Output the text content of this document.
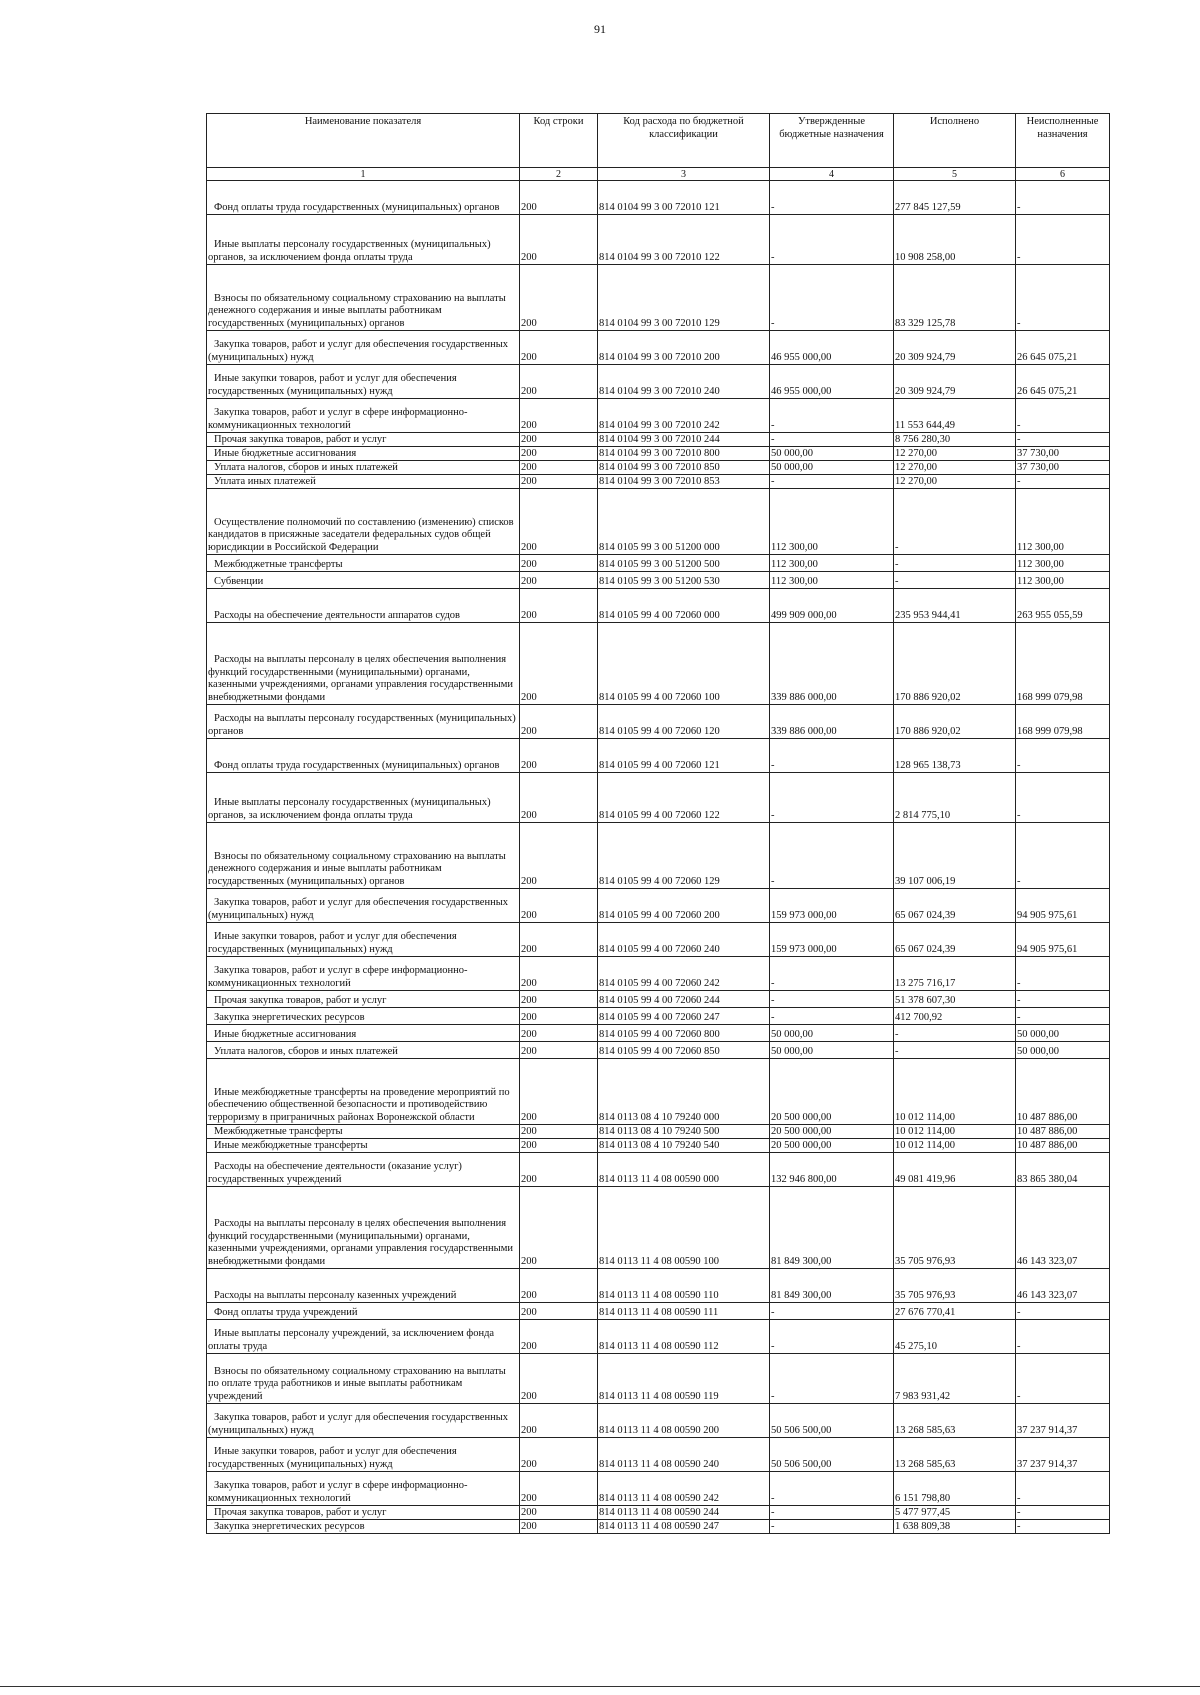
91
Наименование показателя	Код строки	Код расхода по бюджетной классификации	Утвержденные бюджетные назначения	Исполнено	Неисполненные назначения
1	2	3	4	5	6
Фонд оплаты труда государственных (муниципальных) органов	200	814 0104 99 3 00 72010 121	-	277 845 127,59	-
Иные выплаты персоналу государственных (муниципальных) органов, за исключением фонда оплаты труда	200	814 0104 99 3 00 72010 122	-	10 908 258,00	-
Взносы по обязательному социальному страхованию на выплаты денежного содержания и иные выплаты работникам государственных (муниципальных) органов	200	814 0104 99 3 00 72010 129	-	83 329 125,78	-
Закупка товаров, работ и услуг для обеспечения государственных (муниципальных) нужд	200	814 0104 99 3 00 72010 200	46 955 000,00	20 309 924,79	26 645 075,21
Иные закупки товаров, работ и услуг для обеспечения государственных (муниципальных) нужд	200	814 0104 99 3 00 72010 240	46 955 000,00	20 309 924,79	26 645 075,21
Закупка товаров, работ и услуг в сфере информационно-коммуникационных технологий	200	814 0104 99 3 00 72010 242	-	11 553 644,49	-
Прочая закупка товаров, работ и услуг	200	814 0104 99 3 00 72010 244	-	8 756 280,30	-
Иные бюджетные ассигнования	200	814 0104 99 3 00 72010 800	50 000,00	12 270,00	37 730,00
Уплата налогов, сборов и иных платежей	200	814 0104 99 3 00 72010 850	50 000,00	12 270,00	37 730,00
Уплата иных платежей	200	814 0104 99 3 00 72010 853	-	12 270,00	-
Осуществление полномочий по составлению (изменению) списков кандидатов в присяжные заседатели федеральных судов общей юрисдикции в Российской Федерации	200	814 0105 99 3 00 51200 000	112 300,00	-	112 300,00
Межбюджетные трансферты	200	814 0105 99 3 00 51200 500	112 300,00	-	112 300,00
Субвенции	200	814 0105 99 3 00 51200 530	112 300,00	-	112 300,00
Расходы на обеспечение деятельности аппаратов судов	200	814 0105 99 4 00 72060 000	499 909 000,00	235 953 944,41	263 955 055,59
Расходы на выплаты персоналу в целях обеспечения выполнения функций государственными (муниципальными) органами, казенными учреждениями, органами управления государственными внебюджетными фондами	200	814 0105 99 4 00 72060 100	339 886 000,00	170 886 920,02	168 999 079,98
Расходы на выплаты персоналу государственных (муниципальных) органов	200	814 0105 99 4 00 72060 120	339 886 000,00	170 886 920,02	168 999 079,98
Фонд оплаты труда государственных (муниципальных) органов	200	814 0105 99 4 00 72060 121	-	128 965 138,73	-
Иные выплаты персоналу государственных (муниципальных) органов, за исключением фонда оплаты труда	200	814 0105 99 4 00 72060 122	-	2 814 775,10	-
Взносы по обязательному социальному страхованию на выплаты денежного содержания и иные выплаты работникам государственных (муниципальных) органов	200	814 0105 99 4 00 72060 129	-	39 107 006,19	-
Закупка товаров, работ и услуг для обеспечения государственных (муниципальных) нужд	200	814 0105 99 4 00 72060 200	159 973 000,00	65 067 024,39	94 905 975,61
Иные закупки товаров, работ и услуг для обеспечения государственных (муниципальных) нужд	200	814 0105 99 4 00 72060 240	159 973 000,00	65 067 024,39	94 905 975,61
Закупка товаров, работ и услуг в сфере информационно-коммуникационных технологий	200	814 0105 99 4 00 72060 242	-	13 275 716,17	-
Прочая закупка товаров, работ и услуг	200	814 0105 99 4 00 72060 244	-	51 378 607,30	-
Закупка энергетических ресурсов	200	814 0105 99 4 00 72060 247	-	412 700,92	-
Иные бюджетные ассигнования	200	814 0105 99 4 00 72060 800	50 000,00	-	50 000,00
Уплата налогов, сборов и иных платежей	200	814 0105 99 4 00 72060 850	50 000,00	-	50 000,00
Иные межбюджетные трансферты на проведение мероприятий по обеспечению общественной безопасности и противодействию терроризму в приграничных районах Воронежской области	200	814 0113 08 4 10 79240 000	20 500 000,00	10 012 114,00	10 487 886,00
Межбюджетные трансферты	200	814 0113 08 4 10 79240 500	20 500 000,00	10 012 114,00	10 487 886,00
Иные межбюджетные трансферты	200	814 0113 08 4 10 79240 540	20 500 000,00	10 012 114,00	10 487 886,00
Расходы на обеспечение деятельности (оказание услуг) государственных учреждений	200	814 0113 11 4 08 00590 000	132 946 800,00	49 081 419,96	83 865 380,04
Расходы на выплаты персоналу в целях обеспечения выполнения функций государственными (муниципальными) органами, казенными учреждениями, органами управления государственными внебюджетными фондами	200	814 0113 11 4 08 00590 100	81 849 300,00	35 705 976,93	46 143 323,07
Расходы на выплаты персоналу казенных учреждений	200	814 0113 11 4 08 00590 110	81 849 300,00	35 705 976,93	46 143 323,07
Фонд оплаты труда учреждений	200	814 0113 11 4 08 00590 111	-	27 676 770,41	-
Иные выплаты персоналу учреждений, за исключением фонда оплаты труда	200	814 0113 11 4 08 00590 112	-	45 275,10	-
Взносы по обязательному социальному страхованию на выплаты по оплате труда работников и иные выплаты работникам учреждений	200	814 0113 11 4 08 00590 119	-	7 983 931,42	-
Закупка товаров, работ и услуг для обеспечения государственных (муниципальных) нужд	200	814 0113 11 4 08 00590 200	50 506 500,00	13 268 585,63	37 237 914,37
Иные закупки товаров, работ и услуг для обеспечения государственных (муниципальных) нужд	200	814 0113 11 4 08 00590 240	50 506 500,00	13 268 585,63	37 237 914,37
Закупка товаров, работ и услуг в сфере информационно-коммуникационных технологий	200	814 0113 11 4 08 00590 242	-	6 151 798,80	-
Прочая закупка товаров, работ и услуг	200	814 0113 11 4 08 00590 244	-	5 477 977,45	-
Закупка энергетических ресурсов	200	814 0113 11 4 08 00590 247	-	1 638 809,38	-
